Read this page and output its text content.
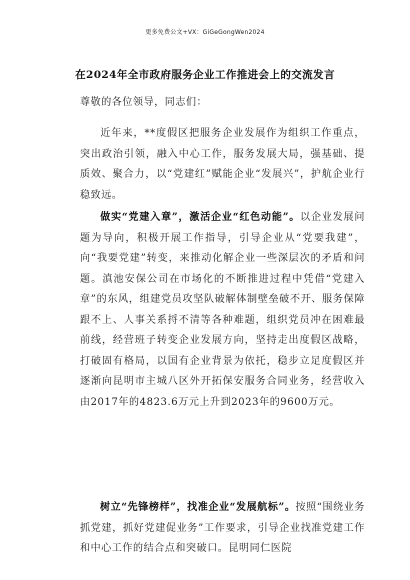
更多免费公文+VX：GiGeGongWen2024
在2024年全市政府服务企业工作推进会上的交流发言
尊敬的各位领导，同志们：
近年来，**度假区把服务企业发展作为组织工作重点，突出政治引领，融入中心工作，服务发展大局，强基础、提质效、聚合力，以“党建红”赋能企业“发展兴”，护航企业行稳致远。
做实“党建入章”，激活企业“红色动能”。以企业发展问题为导向，积极开展工作指导，引导企业从“党要我建”，向“我要党建”转变，来推动化解企业一些深层次的矛盾和问题。滇池安保公司在市场化的不断推进过程中凭借“党建入章”的东风，组建党员攻坚队破解体制壁垒破不开、服务保障跟不上、人事关系捋不清等各种难题，组织党员冲在困难最前线，经营班子转变企业发展方向，坚持走出度假区战略，打破固有格局，以国有企业背景为依托，稳步立足度假区并逐渐向昆明市主城八区外开拓保安服务合同业务，经营收入由2017年的4823.6万元上升到2023年的9600万元。
树立“先锋榜样”，找准企业“发展航标”。按照“围绕业务抓党建，抓好党建促业务”工作要求，引导企业找准党建工作和中心工作的结合点和突破口。昆明同仁医院
